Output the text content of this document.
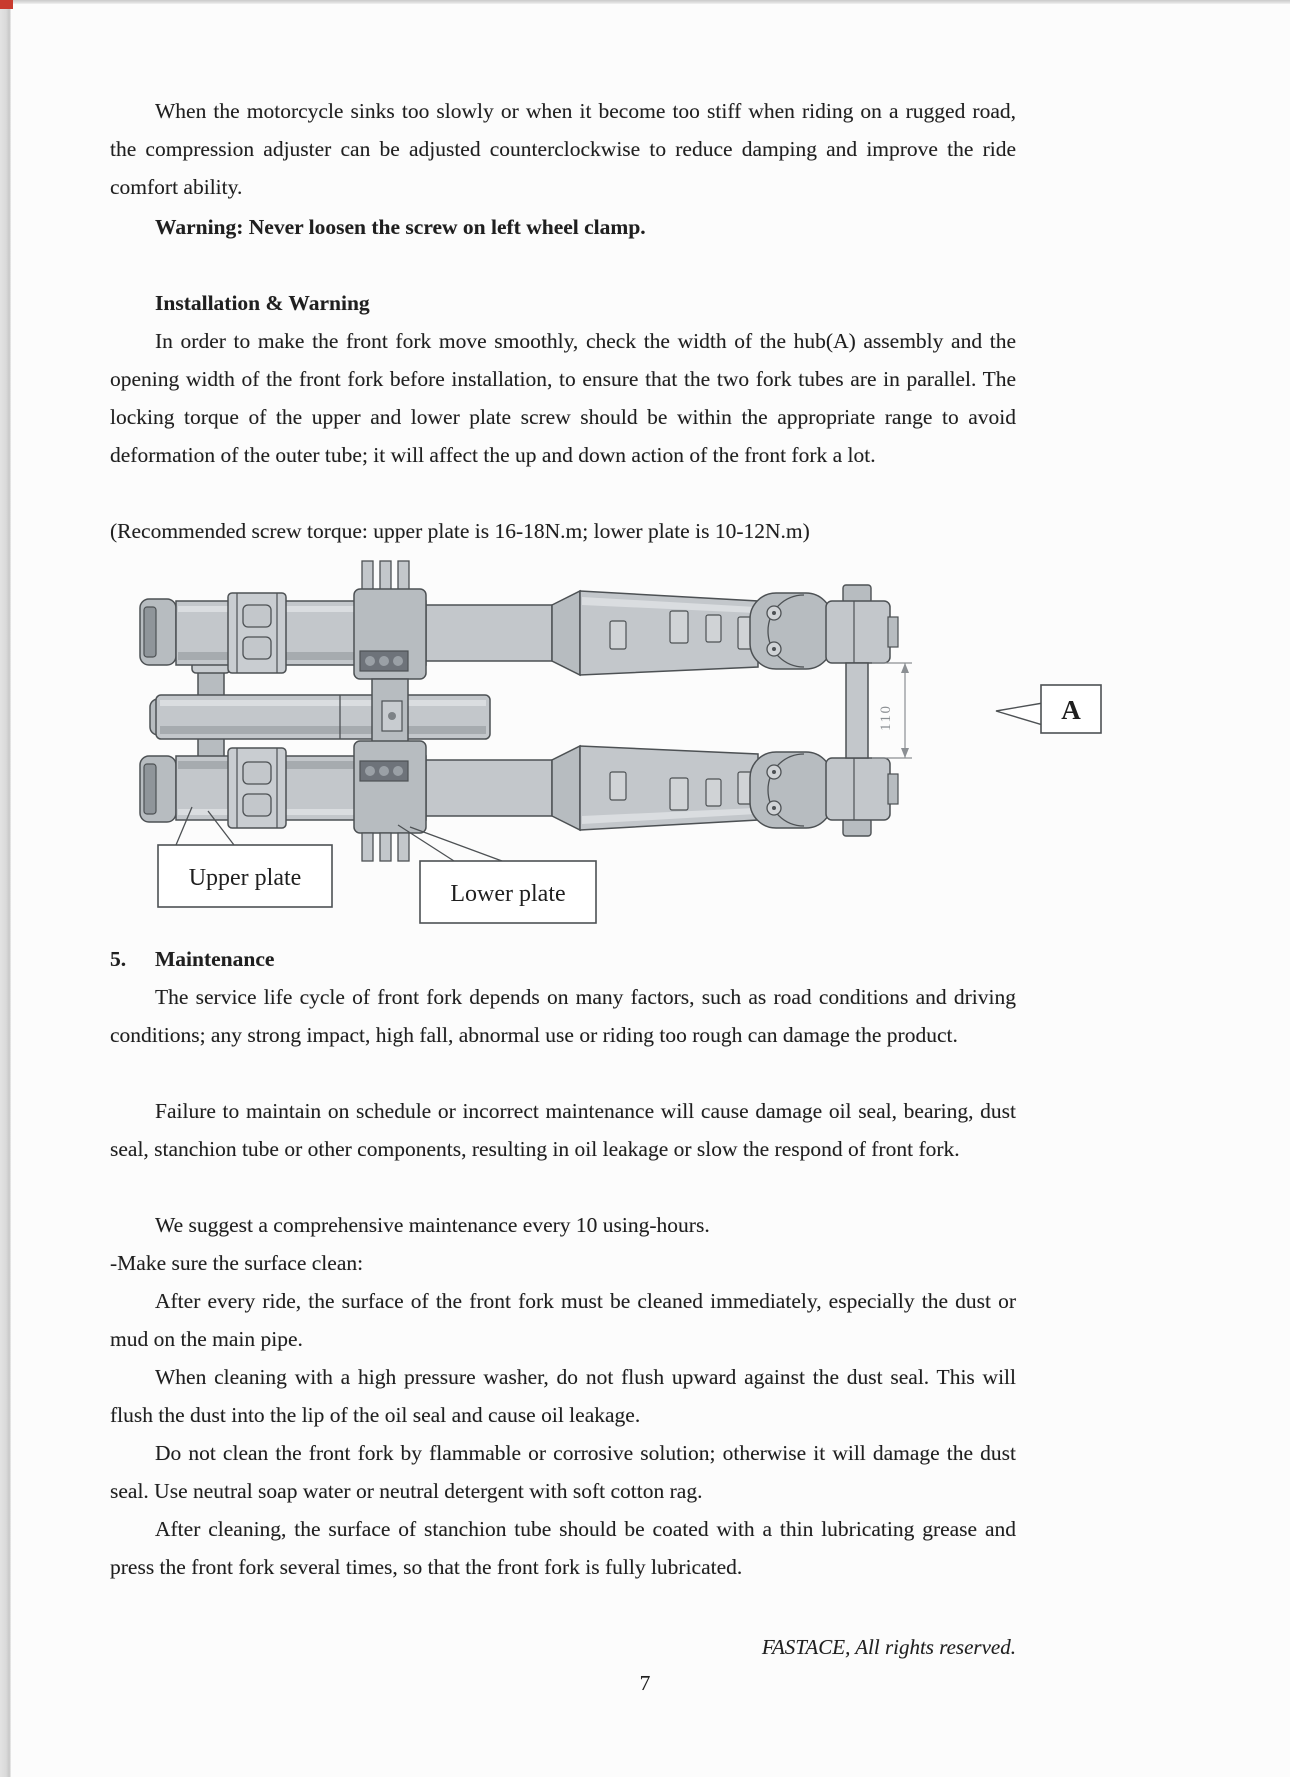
When the motorcycle sinks too slowly or when it become too stiff when riding on a rugged road, the compression adjuster can be adjusted counterclockwise to reduce damping and improve the ride comfort ability.
Warning: Never loosen the screw on left wheel clamp.
Installation & Warning
In order to make the front fork move smoothly, check the width of the hub(A) assembly and the opening width of the front fork before installation, to ensure that the two fork tubes are in parallel. The locking torque of the upper and lower plate screw should be within the appropriate range to avoid deformation of the outer tube; it will affect the up and down action of the front fork a lot.
(Recommended screw torque: upper plate is 16-18N.m; lower plate is 10-12N.m)
110	A
Upper plate
Lower plate
5. Maintenance
The service life cycle of front fork depends on many factors, such as road conditions and driving conditions; any strong impact, high fall, abnormal use or riding too rough can damage the product.
Failure to maintain on schedule or incorrect maintenance will cause damage oil seal, bearing, dust seal, stanchion tube or other components, resulting in oil leakage or slow the respond of front fork.
We suggest a comprehensive maintenance every 10 using-hours.
-Make sure the surface clean:
After every ride, the surface of the front fork must be cleaned immediately, especially the dust or mud on the main pipe.
When cleaning with a high pressure washer, do not flush upward against the dust seal. This will flush the dust into the lip of the oil seal and cause oil leakage.
Do not clean the front fork by flammable or corrosive solution; otherwise it will damage the dust seal. Use neutral soap water or neutral detergent with soft cotton rag.
After cleaning, the surface of stanchion tube should be coated with a thin lubricating grease and press the front fork several times, so that the front fork is fully lubricated.
FASTACE, All rights reserved.
7
